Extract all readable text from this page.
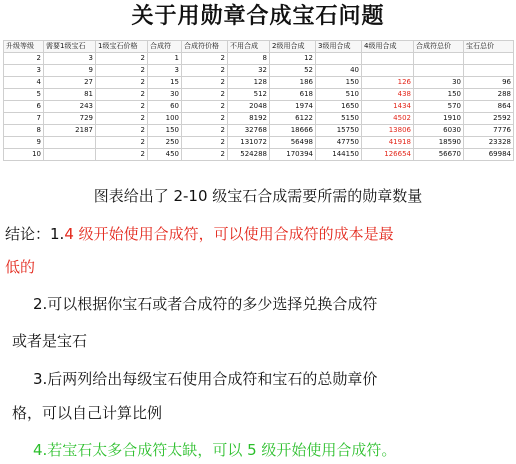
关于用勋章合成宝石问题
升级等级	需要1级宝石	1级宝石价格	合成符	合成符价格	不用合成	2级用合成	3级用合成	4级用合成	合成符总价	宝石总价
2	3	2	1	2	8	12				
3	9	2	3	2	32	52	40			
4	27	2	15	2	128	186	150	126	30	96
5	81	2	30	2	512	618	510	438	150	288
6	243	2	60	2	2048	1974	1650	1434	570	864
7	729	2	100	2	8192	6122	5150	4502	1910	2592
8	2187	2	150	2	32768	18666	15750	13806	6030	7776
9		2	250	2	131072	56498	47750	41918	18590	23328
10		2	450	2	524288	170394	144150	126654	56670	69984
图表给出了 2-10 级宝石合成需要所需的勋章数量
结论：1.4 级开始使用合成符，可以使用合成符的成本是最
低的
2.可以根据你宝石或者合成符的多少选择兑换合成符
或者是宝石
3.后两列给出每级宝石使用合成符和宝石的总勋章价
格，可以自己计算比例
4.若宝石太多合成符太缺，可以 5 级开始使用合成符。
